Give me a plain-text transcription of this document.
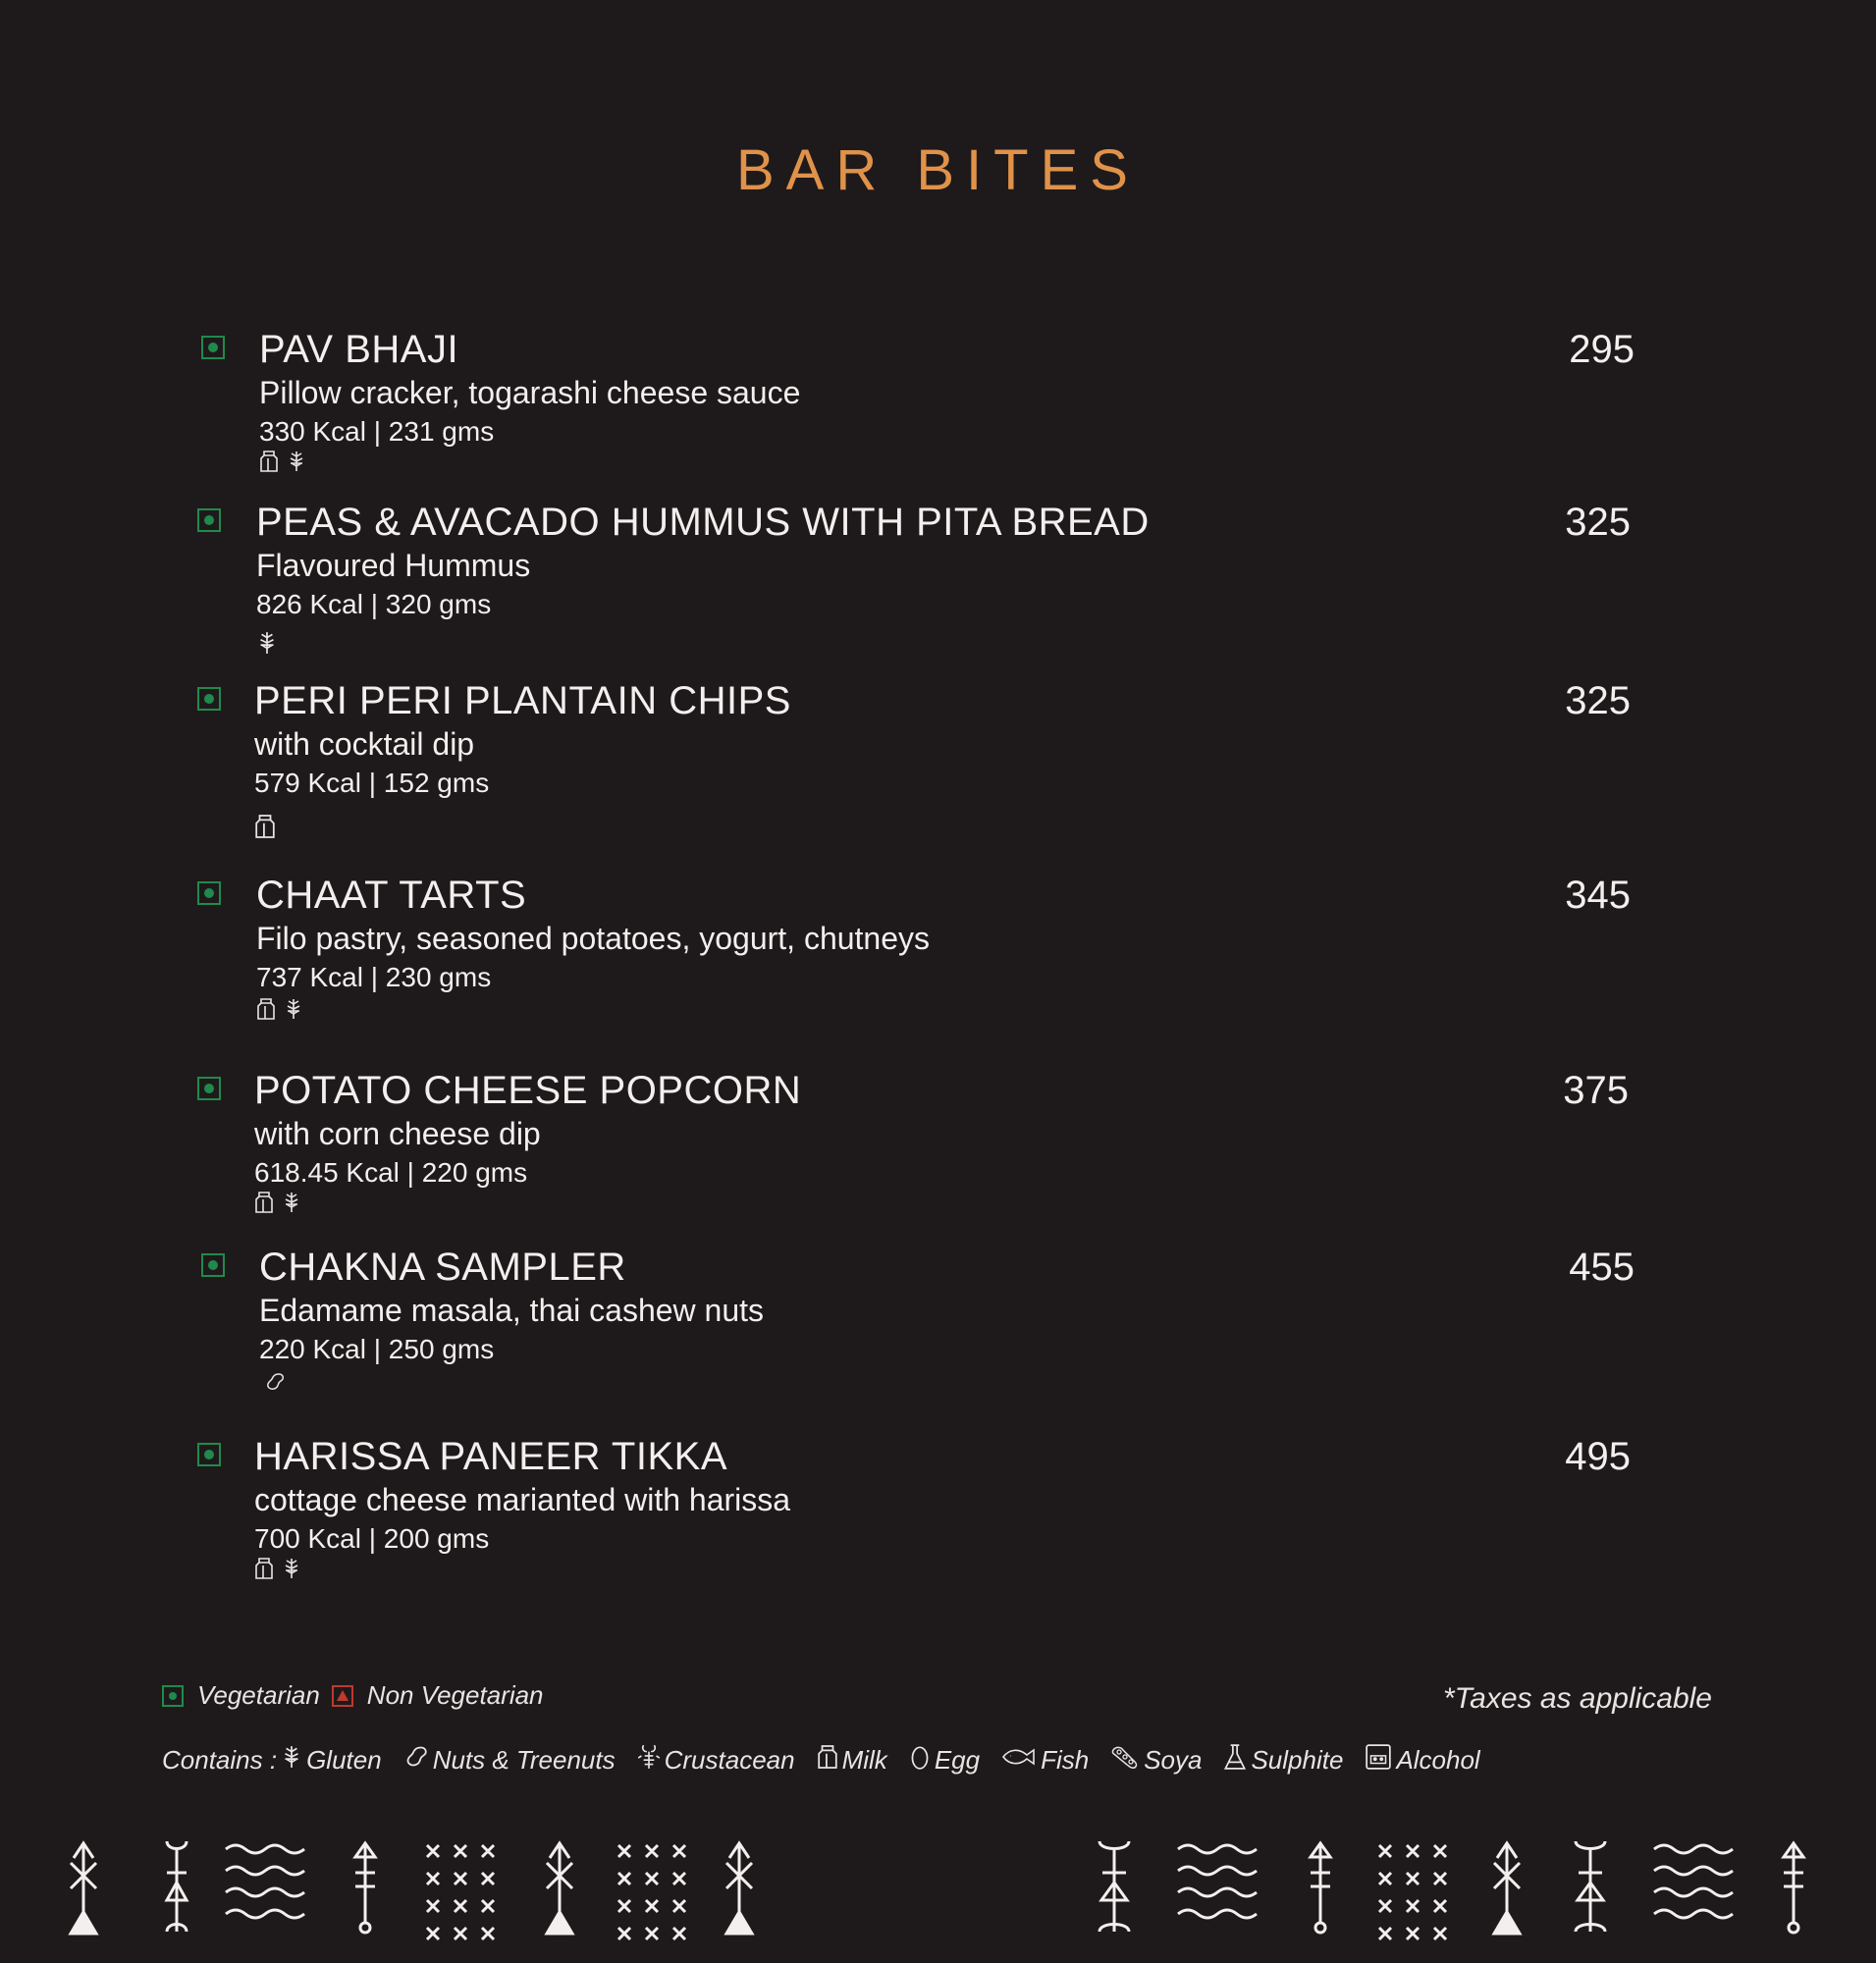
BAR BITES
PAV BHAJI	295
Pillow cracker, togarashi cheese sauce
330 Kcal | 231 gms
PEAS & AVACADO HUMMUS WITH PITA BREAD	325
Flavoured Hummus
826 Kcal | 320 gms
PERI PERI PLANTAIN CHIPS	325
with cocktail dip
579 Kcal | 152 gms
CHAAT TARTS	345
Filo pastry, seasoned potatoes, yogurt, chutneys
737 Kcal | 230 gms
POTATO CHEESE POPCORN	375
with corn cheese dip
618.45 Kcal | 220 gms
CHAKNA SAMPLER	455
Edamame masala, thai cashew nuts
220 Kcal | 250 gms
HARISSA PANEER TIKKA	495
cottage cheese marianted with harissa
700 Kcal | 200 gms
Vegetarian Non Vegetarian	*Taxes as applicable
Contains : Gluten Nuts & Treenuts Crustacean Milk Egg Fish Soya Sulphite Alcohol
